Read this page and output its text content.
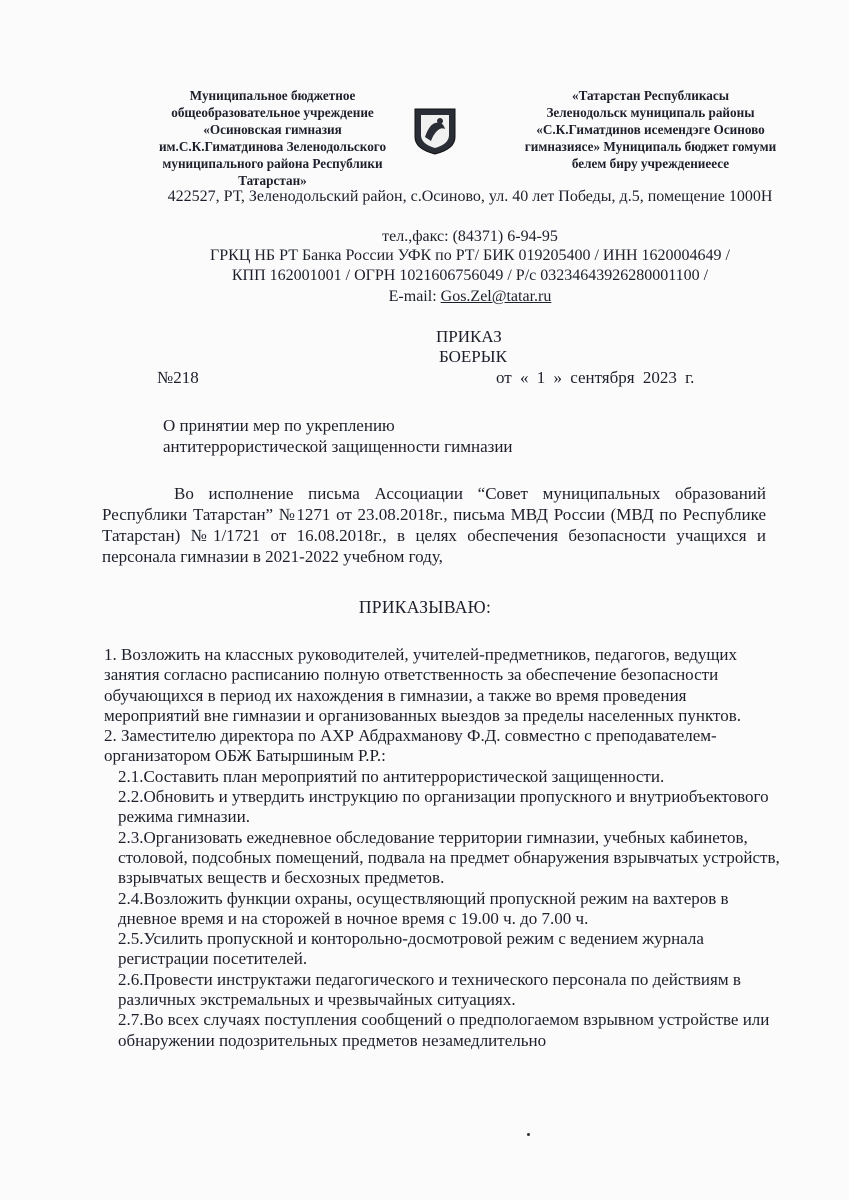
Муниципальное бюджетное общеобразовательное учреждение «Осиновская гимназия им.С.К.Гиматдинова Зеленодольского муниципального района Республики Татарстан»
«Татарстан Республикасы
Зеленодольск муниципаль районы
«С.К.Гиматдинов исемендэге Осиново гимназиясе» Муниципаль бюджет гомуми белем биру учреждениеесе
422527, РТ, Зеленодольский район, с.Осиново, ул. 40 лет Победы, д.5, помещение 1000Н
тел.,факс: (84371) 6-94-95
ГРКЦ НБ РТ Банка России УФК по РТ/ БИК 019205400 / ИНН 1620004649 /
КПП 162001001 / ОГРН 1021606756049 / Р/с 03234643926280001100 /
E-mail: Gos.Zel@tatar.ru
ПРИКАЗ
БОЕРЫК
№218	от « 1 » сентября 2023 г.
О принятии мер по укреплению
антитеррористической защищенности гимназии
Во исполнение письма Ассоциации “Совет муниципальных образований Республики Татарстан” №1271 от 23.08.2018г., письма МВД России (МВД по Республике Татарстан) №1/1721 от 16.08.2018г., в целях обеспечения безопасности учащихся и персонала гимназии в 2021-2022 учебном году,
ПРИКАЗЫВАЮ:

1. Возложить на классных руководителей, учителей-предметников, педагогов, ведущих занятия согласно расписанию полную ответственность за обеспечение безопасности обучающихся в период их нахождения в гимназии, а также во время проведения мероприятий вне гимназии и организованных выездов за пределы населенных пунктов.

2. Заместителю директора по АХР Абдрахманову Ф.Д. совместно с преподавателем-организатором ОБЖ Батыршиным Р.Р.:

2.1.Составить план мероприятий по антитеррористической защищенности.

2.2.Обновить и утвердить инструкцию по организации пропускного и внутриобъектового режима гимназии.

2.3.Организовать ежедневное обследование территории гимназии, учебных кабинетов, столовой, подсобных помещений, подвала на предмет обнаружения взрывчатых устройств, взрывчатых веществ и бесхозных предметов.

2.4.Возложить функции охраны, осуществляющий пропускной режим на вахтеров в дневное время и на сторожей в ночное время с 19.00 ч. до 7.00 ч.

2.5.Усилить пропускной и конторольно-досмотровой режим с ведением журнала регистрации посетителей.

2.6.Провести инструктажи педагогического и технического персонала по действиям в различных экстремальных и чрезвычайных ситуациях.

2.7.Во всех случаях поступления сообщений о предпологаемом взрывном устройстве или обнаружении подозрительных предметов незамедлительно
